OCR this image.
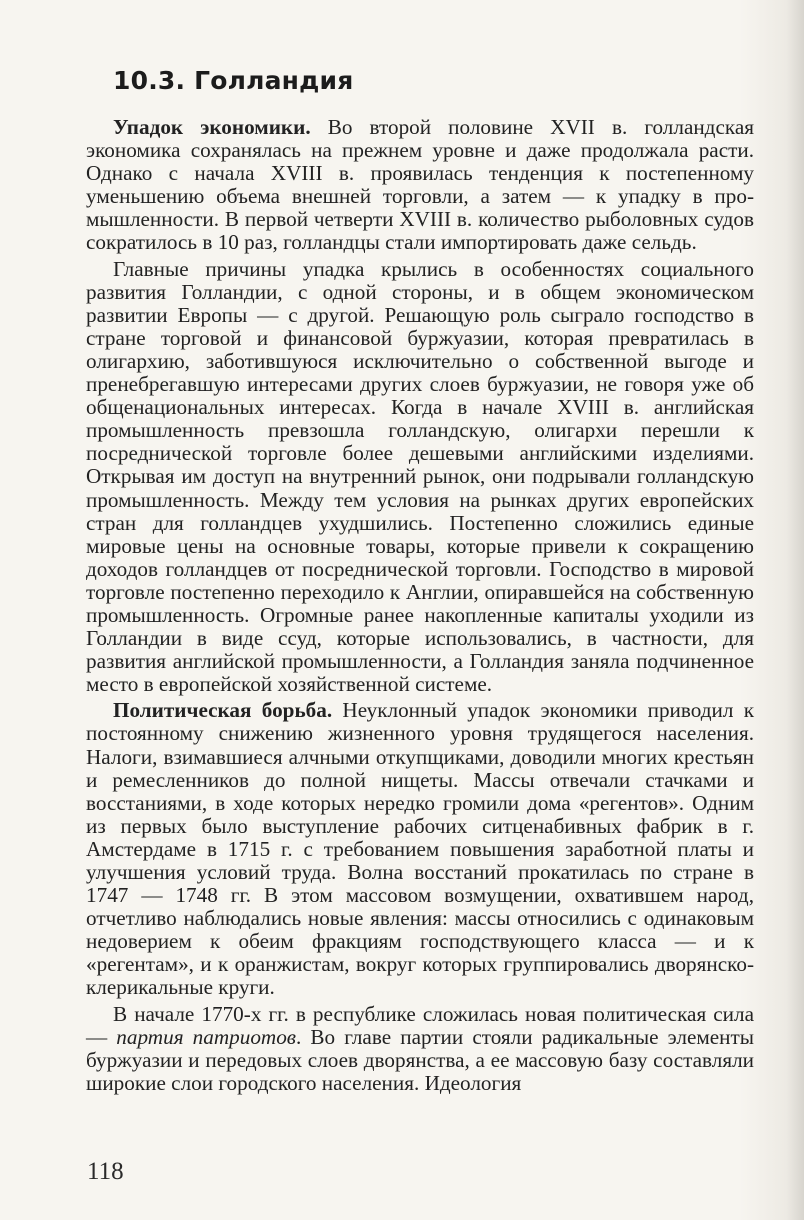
10.3. Голландия

Упадок экономики. Во второй половине XVII в. голландская экономика сохранялась на прежнем уровне и даже продолжала расти. Однако с начала XVIII в. проявилась тенденция к постепенному уменьшению объема внешней торговли, а затем — к упадку в промышленности. В первой четверти XVIII в. количество рыболовных судов сократилось в 10 раз, голландцы стали импортировать даже сельдь.

Главные причины упадка крылись в особенностях социального развития Голландии, с одной стороны, и в общем экономическом развитии Европы — с другой. Решающую роль сыграло господство в стране торговой и финансовой буржуазии, которая превратилась в олигархию, заботившуюся исключительно о собственной выгоде и пренебрегавшую интересами других слоев буржуазии, не говоря уже об общенациональных интересах. Когда в начале XVIII в. английская промышленность превзошла голландскую, олигархи перешли к посреднической торговле более дешевыми английскими изделиями. Открывая им доступ на внутренний рынок, они подрывали голландскую промышленность. Между тем условия на рынках других европейских стран для голландцев ухудшились. Постепенно сложились единые мировые цены на основные товары, которые привели к сокращению доходов голландцев от посреднической торговли. Господство в мировой торговле постепенно переходило к Англии, опиравшейся на собственную промышленность. Огромные ранее накопленные капиталы уходили из Голландии в виде ссуд, которые использовались, в частности, для развития английской промышленности, а Голландия заняла подчиненное место в европейской хозяйственной системе.

Политическая борьба. Неуклонный упадок экономики приводил к постоянному снижению жизненного уровня трудящегося населения. Налоги, взимавшиеся алчными откупщиками, доводили многих крестьян и ремесленников до полной нищеты. Массы отвечали стачками и восстаниями, в ходе которых нередко громили дома «регентов». Одним из первых было выступление рабочих ситценабивных фабрик в г. Амстердаме в 1715 г. с требованием повышения заработной платы и улучшения условий труда. Волна восстаний прокатилась по стране в 1747 — 1748 гг. В этом массовом возмущении, охватившем народ, отчетливо наблюдались новые явления: массы относились с одинаковым недоверием к обеим фракциям господствующего класса — и к «регентам», и к оранжистам, вокруг которых группировались дворянско-клерикальные круги.

В начале 1770-х гг. в республике сложилась новая политическая сила — партия патриотов. Во главе партии стояли радикальные элементы буржуазии и передовых слоев дворянства, а ее массовую базу составляли широкие слои городского населения. Идеология

118
